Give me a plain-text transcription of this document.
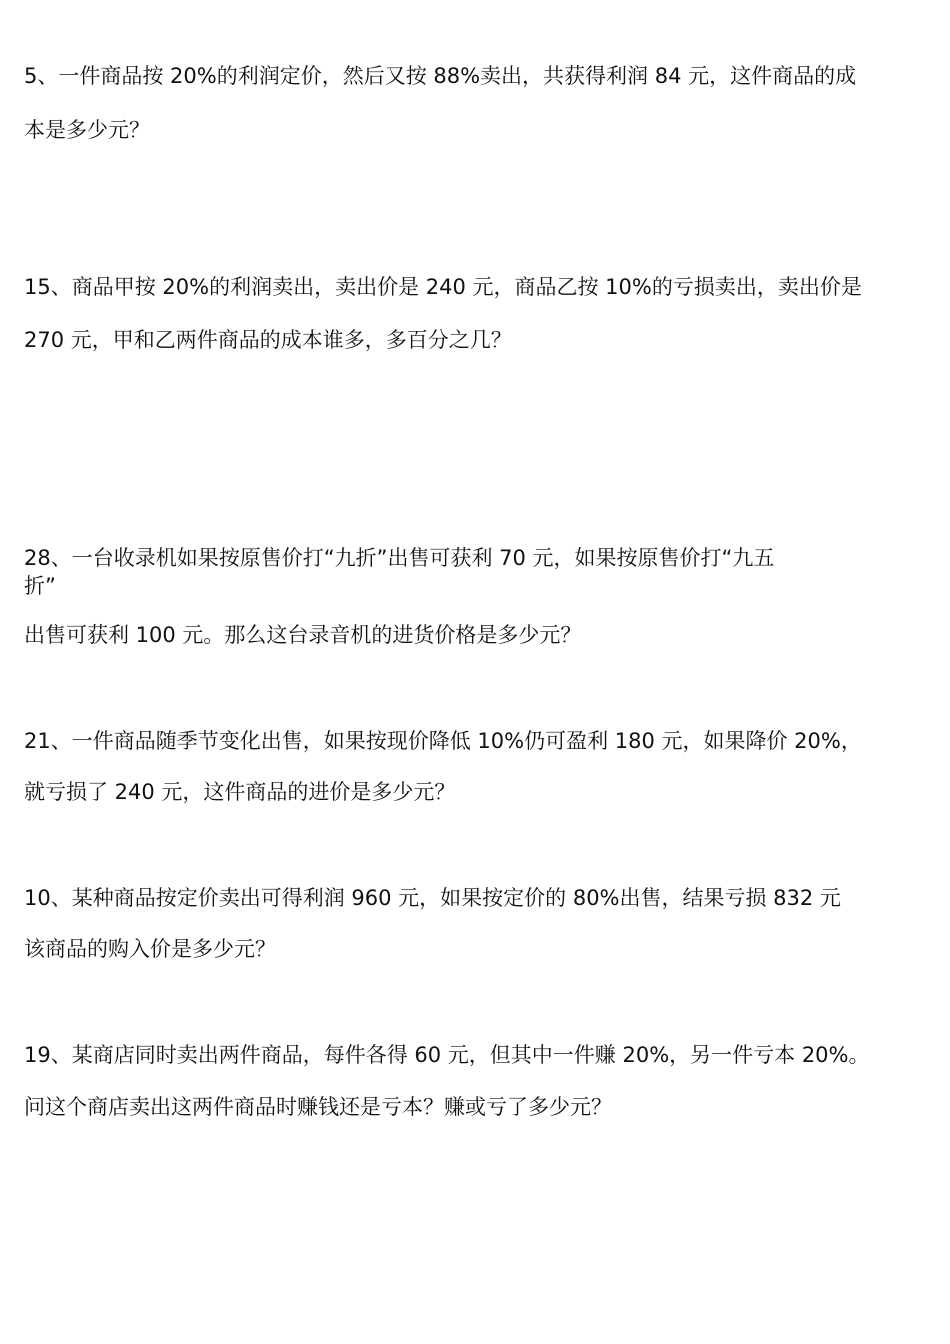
5、一件商品按 20%的利润定价，然后又按 88%卖出，共获得利润 84 元，这件商品的成
本是多少元？
15、商品甲按 20%的利润卖出，卖出价是 240 元，商品乙按 10%的亏损卖出，卖出价是
270 元，甲和乙两件商品的成本谁多，多百分之几？
28、一台收录机如果按原售价打“九折”出售可获利 70 元，如果按原售价打“九五
折”
出售可获利 100 元。那么这台录音机的进货价格是多少元？
21、一件商品随季节变化出售，如果按现价降低 10%仍可盈利 180 元，如果降价 20%，
就亏损了 240 元，这件商品的进价是多少元？
10、某种商品按定价卖出可得利润 960 元，如果按定价的 80%出售，结果亏损 832 元
该商品的购入价是多少元？
19、某商店同时卖出两件商品，每件各得 60 元，但其中一件赚 20%，另一件亏本 20%。
问这个商店卖出这两件商品时赚钱还是亏本？赚或亏了多少元？
